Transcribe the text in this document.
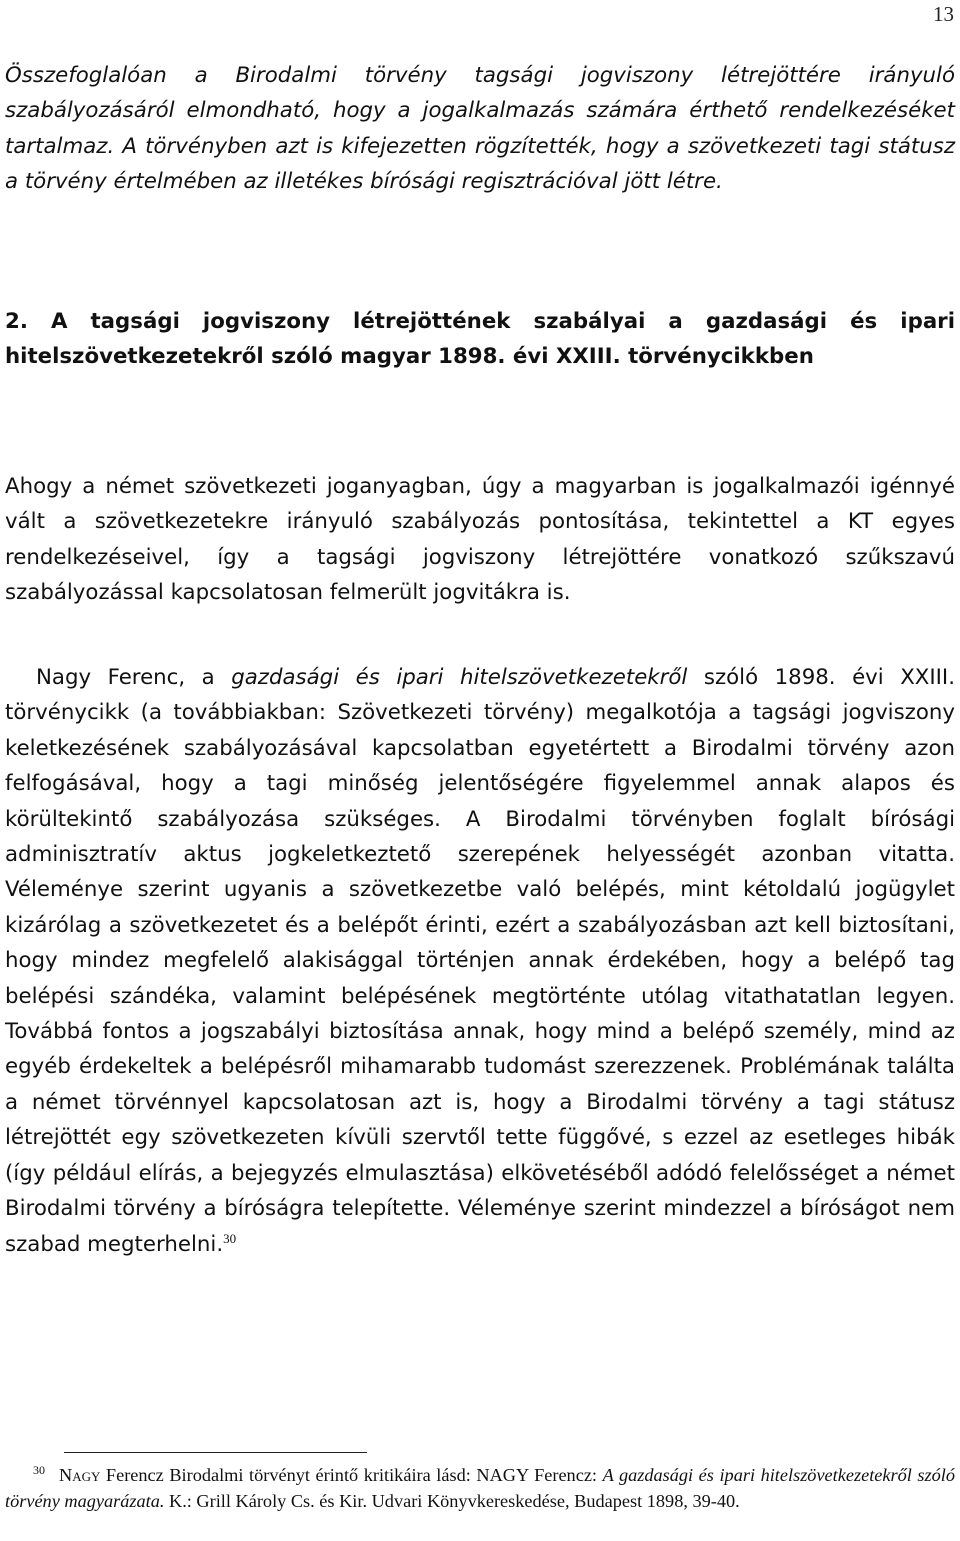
13

Összefoglalóan a Birodalmi törvény tagsági jogviszony létrejöttére irányuló szabályozásáról elmondható, hogy a jogalkalmazás számára érthető rendelkezéséket tartalmaz. A törvényben azt is kifejezetten rögzítették, hogy a szövetkezeti tagi státusz a törvény értelmében az illetékes bírósági regisztrációval jött létre.

2. A tagsági jogviszony létrejöttének szabályai a gazdasági és ipari hitelszövetkezetekről szóló magyar 1898. évi XXIII. törvénycikkben

Ahogy a német szövetkezeti joganyagban, úgy a magyarban is jogalkalmazói igénnyé vált a szövetkezetekre irányuló szabályozás pontosítása, tekintettel a KT egyes rendelkezéseivel, így a tagsági jogviszony létrejöttére vonatkozó szűkszavú szabályozással kapcsolatosan felmerült jogvitákra is.

Nagy Ferenc, a gazdasági és ipari hitelszövetkezetekről szóló 1898. évi XXIII. törvénycikk (a továbbiakban: Szövetkezeti törvény) megalkotója a tagsági jogviszony keletkezésének szabályozásával kapcsolatban egyetértett a Birodalmi törvény azon felfogásával, hogy a tagi minőség jelentőségére figyelemmel annak alapos és körültekintő szabályozása szükséges. A Birodalmi törvényben foglalt bírósági adminisztratív aktus jogkeletkeztető szerepének helyességét azonban vitatta. Véleménye szerint ugyanis a szövetkezetbe való belépés, mint kétoldalú jogügylet kizárólag a szövetkezetet és a belépőt érinti, ezért a szabályozásban azt kell biztosítani, hogy mindez megfelelő alakisággal történjen annak érdekében, hogy a belépő tag belépési szándéka, valamint belépésének megtörténte utólag vitathatatlan legyen. Továbbá fontos a jogszabályi biztosítása annak, hogy mind a belépő személy, mind az egyéb érdekeltek a belépésről mihamarabb tudomást szerezzenek. Problémának találta a német törvénnyel kapcsolatosan azt is, hogy a Birodalmi törvény a tagi státusz létrejöttét egy szövetkezeten kívüli szervtől tette függővé, s ezzel az esetleges hibák (így például elírás, a bejegyzés elmulasztása) elkövetéséből adódó felelősséget a német Birodalmi törvény a bíróságra telepítette. Véleménye szerint mindezzel a bíróságot nem szabad megterhelni.$^{30}$

$^{30}$ Nagy Ferencz Birodalmi törvényt érintő kritikáira lásd: NAGY Ferencz: A gazdasági és ipari hitelszövetkezetekről szóló törvény magyarázata. K.: Grill Károly Cs. és Kir. Udvari Könyvkereskedése, Budapest 1898, 39-40.
